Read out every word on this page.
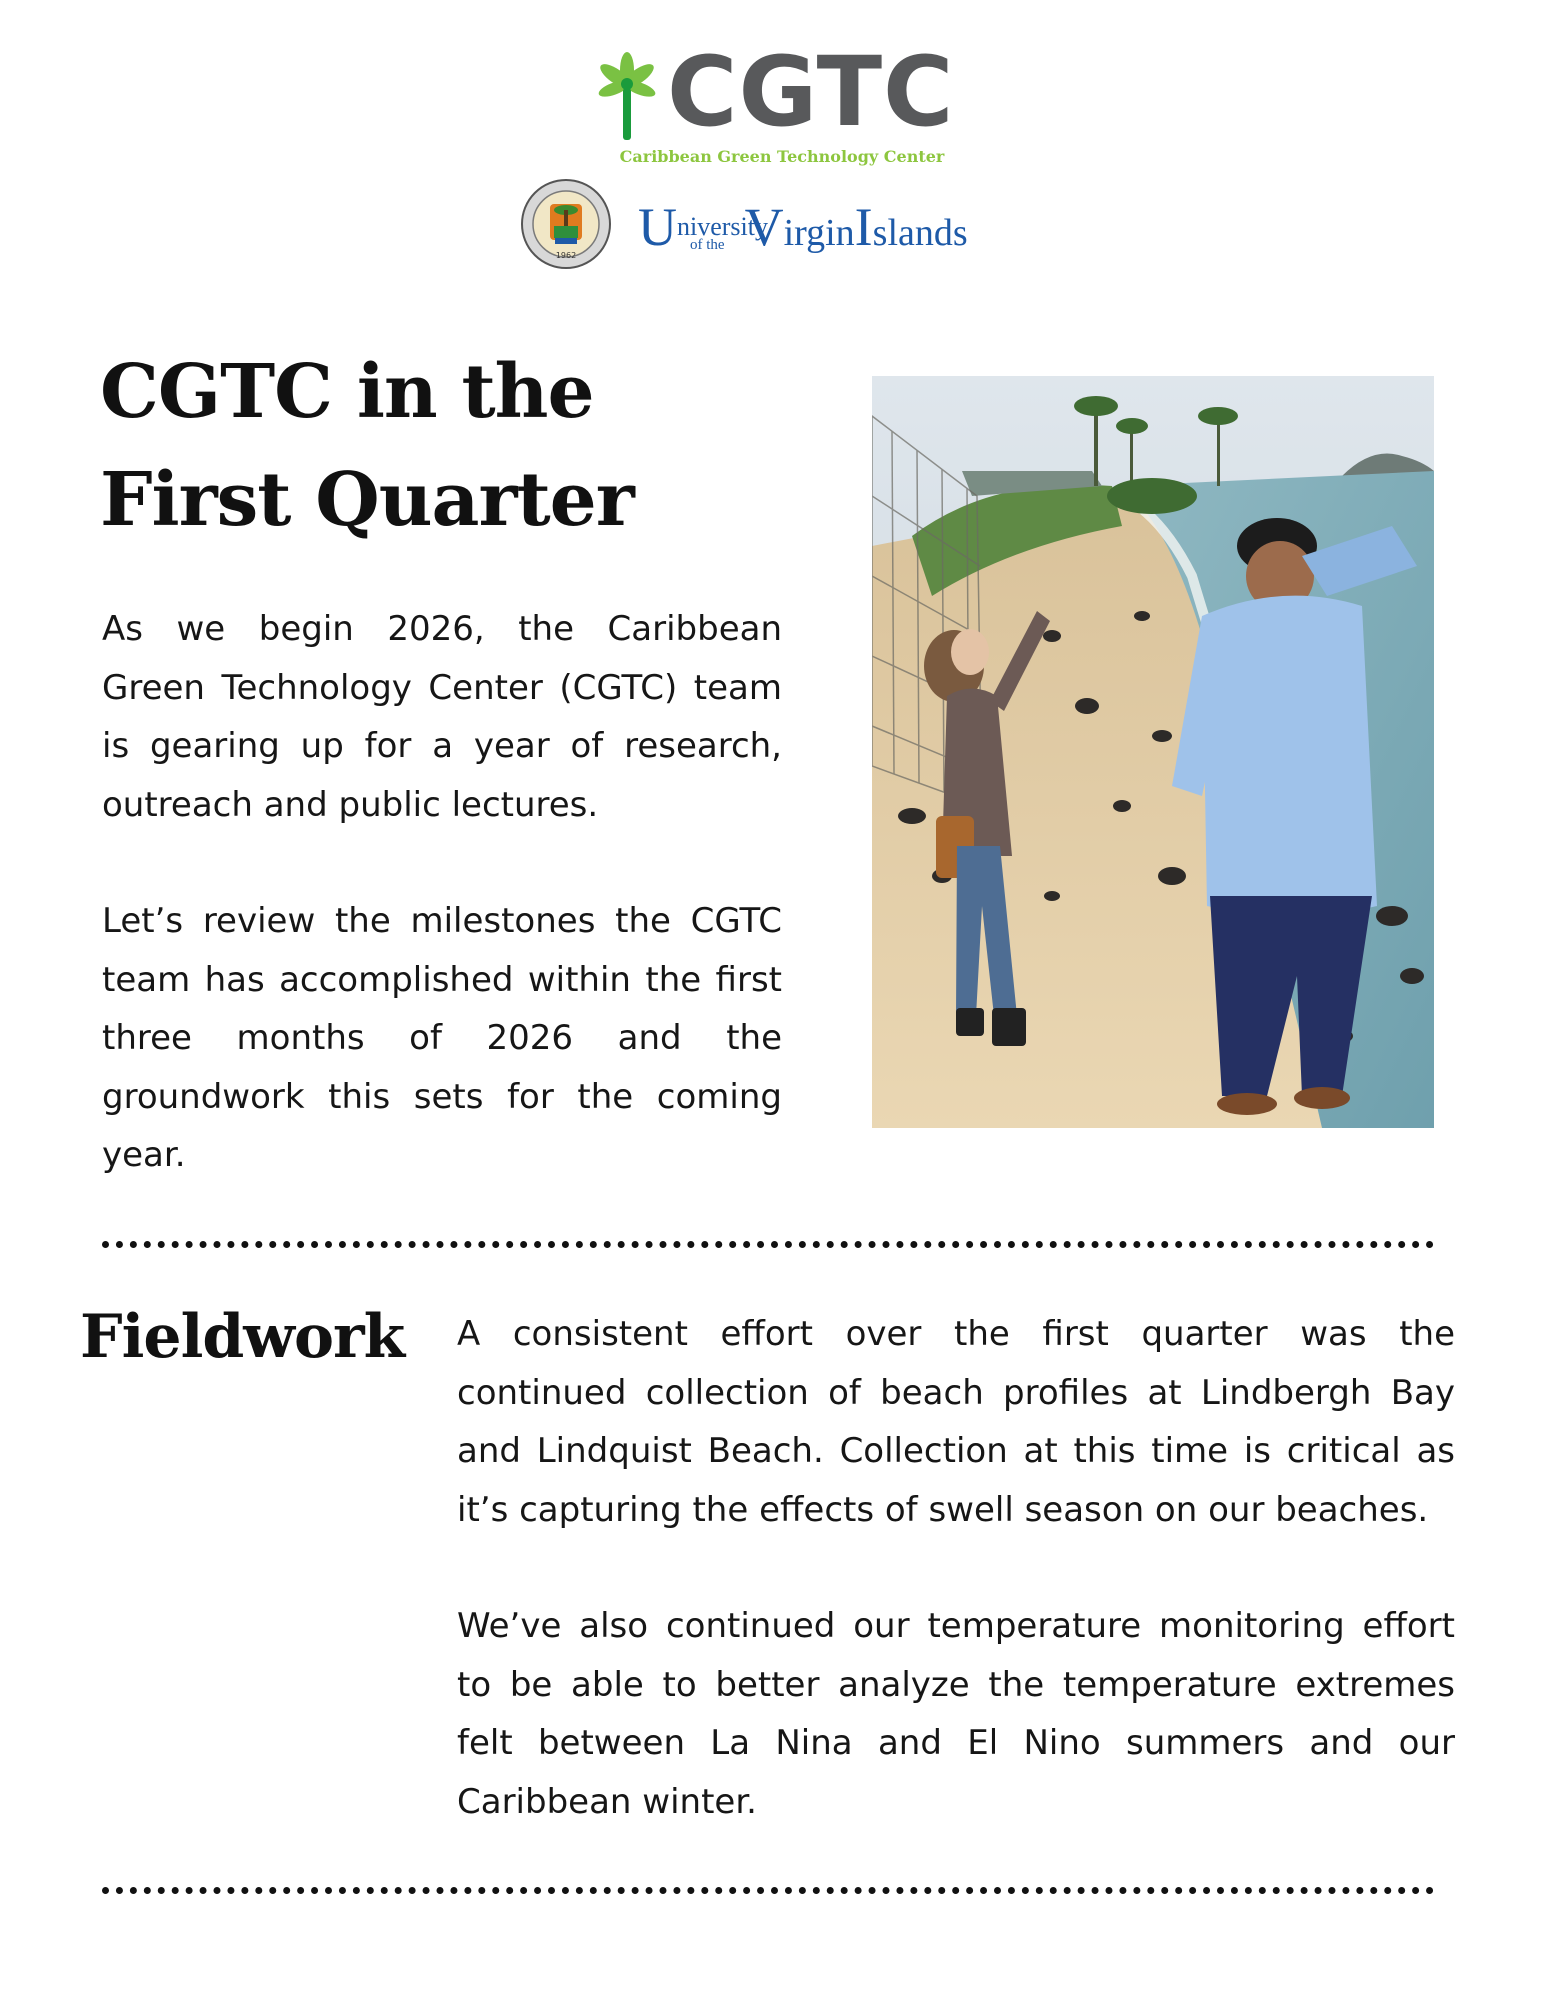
CGTC
Caribbean Green Technology Center
1962 $U^{niversity}of$ the VirginIslands
CGTC in the
First Quarter

As we begin 2026, the Caribbean Green Technology Center (CGTC) team is gearing up for a year of research, outreach and public lectures.

Let’s review the milestones the CGTC team has accomplished within the first three months of 2026 and the groundwork this sets for the coming year.

Fieldwork A consistent effort over the first quarter was the continued collection of beach profiles at Lindbergh Bay and Lindquist Beach. Collection at this time is critical as it’s capturing the effects of swell season on our beaches.

We’ve also continued our temperature monitoring effort to be able to better analyze the temperature extremes felt between La Nina and El Nino summers and our Caribbean winter.
